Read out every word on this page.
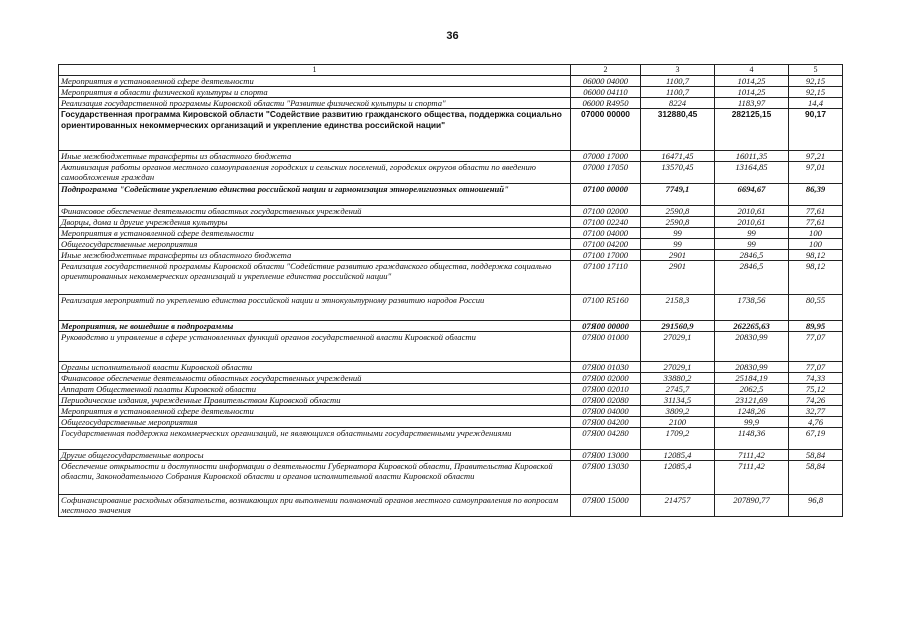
36
1	2	3	4	5
Мероприятия в установленной сфере деятельности	06000 04000	1100,7	1014,25	92,15
Мероприятия в области физической культуры и спорта	06000 04110	1100,7	1014,25	92,15
Реализация государственной программы Кировской области "Развитие физической культуры и спорта"	06000 R4950	8224	1183,97	14,4
Государственная программа Кировской области "Содействие развитию гражданского общества, поддержка социально ориентированных некоммерческих организаций и укрепление единства российской нации"	07000 00000	312880,45	282125,15	90,17
Иные межбюджетные трансферты из областного бюджета	07000 17000	16471,45	16011,35	97,21
Активизация работы органов местного самоуправления городских и сельских поселений, городских округов области по введению самообложения граждан	07000 17050	13570,45	13164,85	97,01
Подпрограмма "Содействие укреплению единства российской нации и гармонизация этнорелигиозных отношений"	07100 00000	7749,1	6694,67	86,39
Финансовое обеспечение деятельности областных государственных учреждений	07100 02000	2590,8	2010,61	77,61
Дворцы, дома и другие учреждения культуры	07100 02240	2590,8	2010,61	77,61
Мероприятия в установленной сфере деятельности	07100 04000	99	99	100
Общегосударственные мероприятия	07100 04200	99	99	100
Иные межбюджетные трансферты из областного бюджета	07100 17000	2901	2846,5	98,12
Реализация государственной программы Кировской области "Содействие развитию гражданского общества, поддержка социально ориентированных некоммерческих организаций и укрепление единства российской нации"	07100 17110	2901	2846,5	98,12
Реализация мероприятий по укреплению единства российской нации и этнокультурному развитию народов России	07100 R5160	2158,3	1738,56	80,55
Мероприятия, не вошедшие в подпрограммы	07Я00 00000	291560,9	262265,63	89,95
Руководство и управление в сфере установленных функций органов государственной власти Кировской области	07Я00 01000	27029,1	20830,99	77,07
Органы исполнительной власти Кировской области	07Я00 01030	27029,1	20830,99	77,07
Финансовое обеспечение деятельности областных государственных учреждений	07Я00 02000	33880,2	25184,19	74,33
Аппарат Общественной палаты Кировской области	07Я00 02010	2745,7	2062,5	75,12
Периодические издания, учрежденные Правительством Кировской области	07Я00 02080	31134,5	23121,69	74,26
Мероприятия в установленной сфере деятельности	07Я00 04000	3809,2	1248,26	32,77
Общегосударственные мероприятия	07Я00 04200	2100	99,9	4,76
Государственная поддержка некоммерческих организаций, не являющихся областными государственными учреждениями	07Я00 04280	1709,2	1148,36	67,19
Другие общегосударственные вопросы	07Я00 13000	12085,4	7111,42	58,84
Обеспечение открытости и доступности информации о деятельности Губернатора Кировской области, Правительства Кировской области, Законодательного Собрания Кировской области и органов исполнительной власти Кировской области	07Я00 13030	12085,4	7111,42	58,84
Софинансирование расходных обязательств, возникающих при выполнении полномочий органов местного самоуправления по вопросам местного значения	07Я00 15000	214757	207890,77	96,8
